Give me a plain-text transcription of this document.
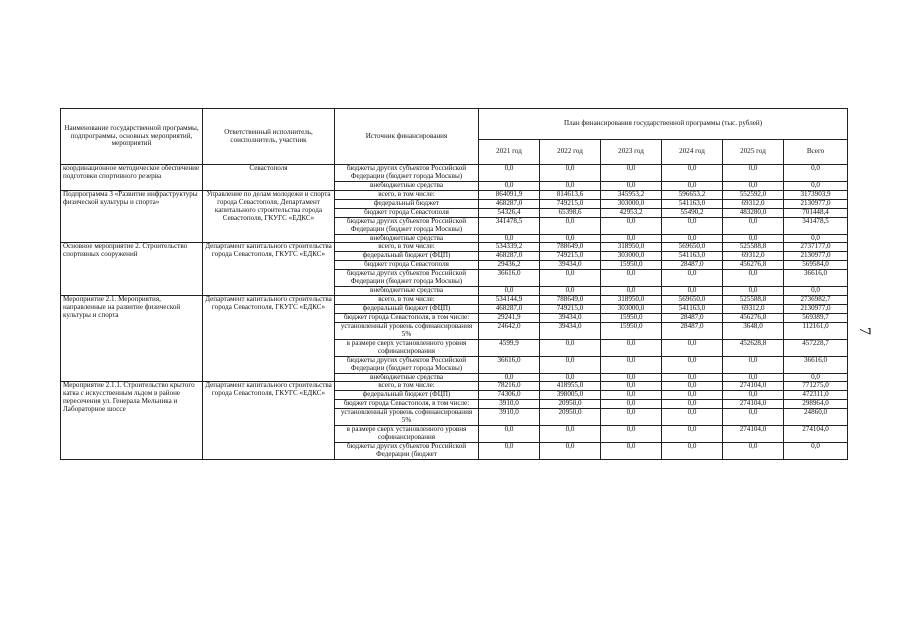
Наименование государственной программы, подпрограммы, основных мероприятий, мероприятий	Ответственный исполнитель, соисполнитель, участник	Источник финансирования	План финансирования государственной программы (тыс. рублей)					
			2021 год	2022 год	2023 год	2024 год	2025 год	Всего
координационное методическое обеспечение подготовки спортивного резерва	Севастополя	бюджеты других субъектов Российской Федерации (бюджет города Москвы)	0,0	0,0	0,0	0,0	0,0	0,0
		внебюджетные средства	0,0	0,0	0,0	0,0	0,0	0,0
Подпрограмма 3 «Развитие инфраструктуры физической культуры и спорта»	Управление по делам молодежи и спорта города Севастополя, Департамент капитального строительства города Севастополя, ГКУГС «ЕДКС»	всего, в том числе:	864091,9	814613,6	345953,2	596653,2	552592,0	3173903,9
		федеральный бюджет	468287,0	749215,0	303000,0	541163,0	69312,0	2130977,0
		бюджет города Севастополя	54326,4	65398,6	42953,2	55490,2	483280,0	701448,4
		бюджеты других субъектов Российской Федерации (бюджет города Москвы)	341478,5	0,0	0,0	0,0	0,0	341478,5
		внебюджетные средства	0,0	0,0	0,0	0,0	0,0	0,0
Основное мероприятие 2. Строительство спортивных сооружений	Департамент капитального строительства города Севастополя, ГКУГС «ЕДКС»	всего, в том числе:	534339,2	788649,0	318950,0	569650,0	525588,8	2737177,0
		федеральный бюджет (ФЦП)	468287,0	749215,0	303000,0	541163,0	69312,0	2130977,0
		бюджет города Севастополя	29436,2	39434,0	15950,0	28487,0	456276,8	569584,0
		бюджеты других субъектов Российской Федерации (бюджет города Москвы)	36616,0	0,0	0,0	0,0	0,0	36616,0
		внебюджетные средства	0,0	0,0	0,0	0,0	0,0	0,0
Мероприятие 2.1. Мероприятия, направленные на развитие физической культуры и спорта	Департамент капитального строительства города Севастополя, ГКУГС «ЕДКС»	всего, в том числе:	534144,9	788649,0	318950,0	569650,0	525588,8	2736982,7
		федеральный бюджет (ФЦП)	468287,0	749215,0	303000,0	541163,0	69312,0	2130977,0
		бюджет города Севастополя, в том числе:	29241,9	39434,0	15950,0	28487,0	456276,8	569389,7
		установленный уровень софинансирования 5%	24642,0	39434,0	15950,0	28487,0	3648,0	112161,0
		в размере сверх установленного уровня софинансирования	4599,9	0,0	0,0	0,0	452628,8	457228,7
		бюджеты других субъектов Российской Федерации (бюджет города Москвы)	36616,0	0,0	0,0	0,0	0,0	36616,0
		внебюджетные средства	0,0	0,0	0,0	0,0	0,0	0,0
Мероприятие 2.1.1. Строительство крытого катка с искусственным льдом в районе пересечения ул. Генерала Мельника и Лабораторное шоссе	Департамент капитального строительства города Севастополя, ГКУГС «ЕДКС»	всего, в том числе:	78216,0	418955,0	0,0	0,0	274104,0	771275,0
		федеральный бюджет (ФЦП)	74306,0	398005,0	0,0	0,0	0,0	472311,0
		бюджет города Севастополя, в том числе:	3910,0	20950,0	0,0	0,0	274104,0	298964,0
		установленный уровень софинансирования 5%	3910,0	20950,0	0,0	0,0	0,0	24860,0
		в размере сверх установленного уровня софинансирования	0,0	0,0	0,0	0,0	274104,0	274104,0
		бюджеты других субъектов Российской Федерации (бюджет	0,0	0,0	0,0	0,0	0,0	0,0
7
